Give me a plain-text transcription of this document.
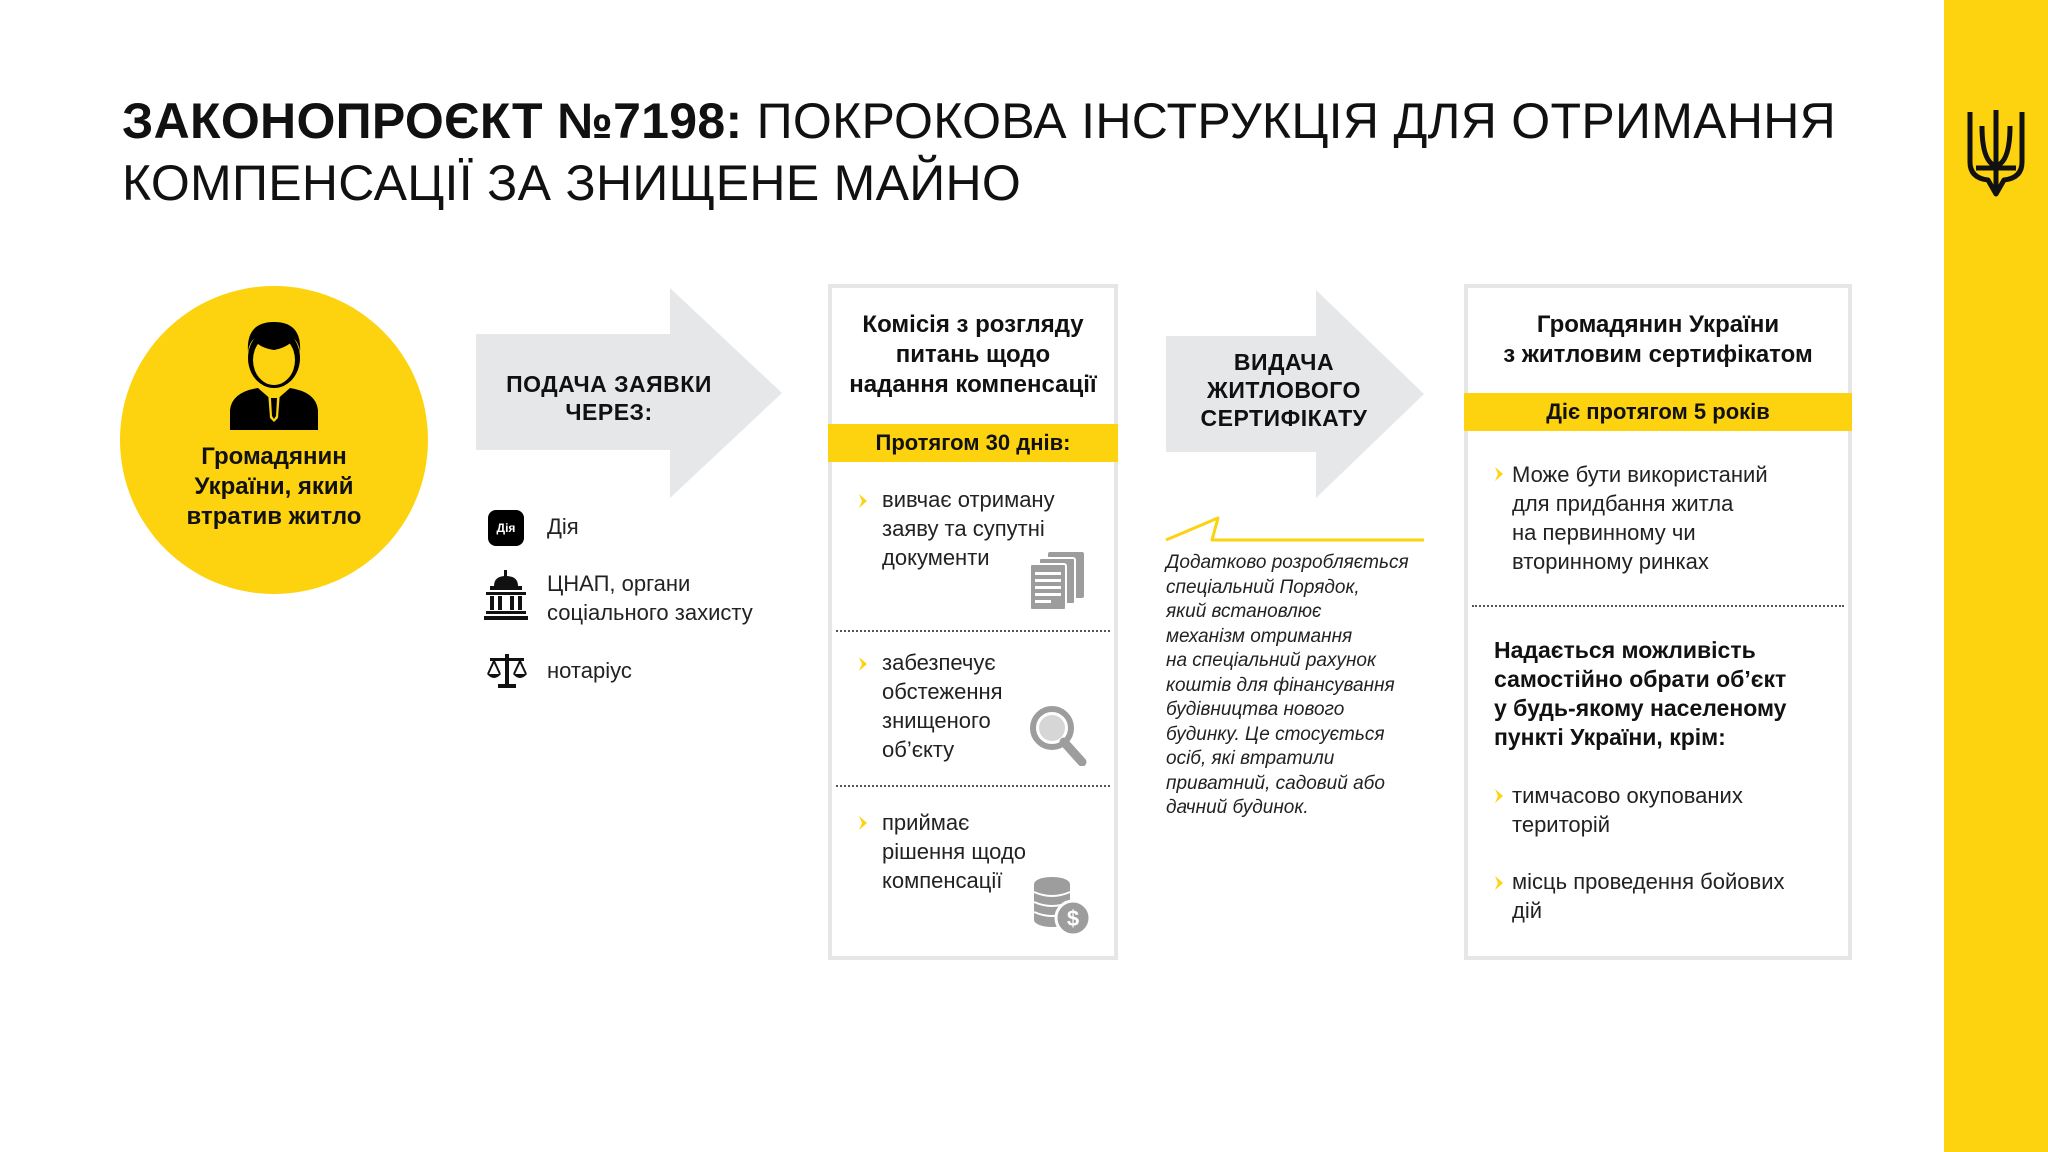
ЗАКОНОПРОЄКТ №7198: ПОКРОКОВА ІНСТРУКЦІЯ ДЛЯ ОТРИМАННЯ
КОМПЕНСАЦІЇ ЗА ЗНИЩЕНЕ МАЙНО
Громадянин
України, який
втратив житло
ПОДАЧА ЗАЯВКИ
ЧЕРЕЗ:
Дія	Дія
ЦНАП, органи
соціального захисту
нотаріус
Комісія з розгляду
питань щодо
надання компенсації
Протягом 30 днів:
вивчає отриману
заяву та супутні
документи
забезпечує
обстеження
знищеного
об’єкту
приймає
рішення щодо
компенсації
$
ВИДАЧА
ЖИТЛОВОГО
СЕРТИФІКАТУ
Додатково розробляється
спеціальний Порядок,
який встановлює
механізм отримання
на спеціальний рахунок
коштів для фінансування
будівництва нового
будинку. Це стосується
осіб, які втратили
приватний, садовий або
дачний будинок.
Громадянин України
з житловим сертифікатом
Діє протягом 5 років
Може бути використаний
для придбання житла
на первинному чи
вторинному ринках
Надається можливість
самостійно обрати об’єкт
у будь-якому населеному
пункті України, крім:
тимчасово окупованих
територій
місць проведення бойових
дій
